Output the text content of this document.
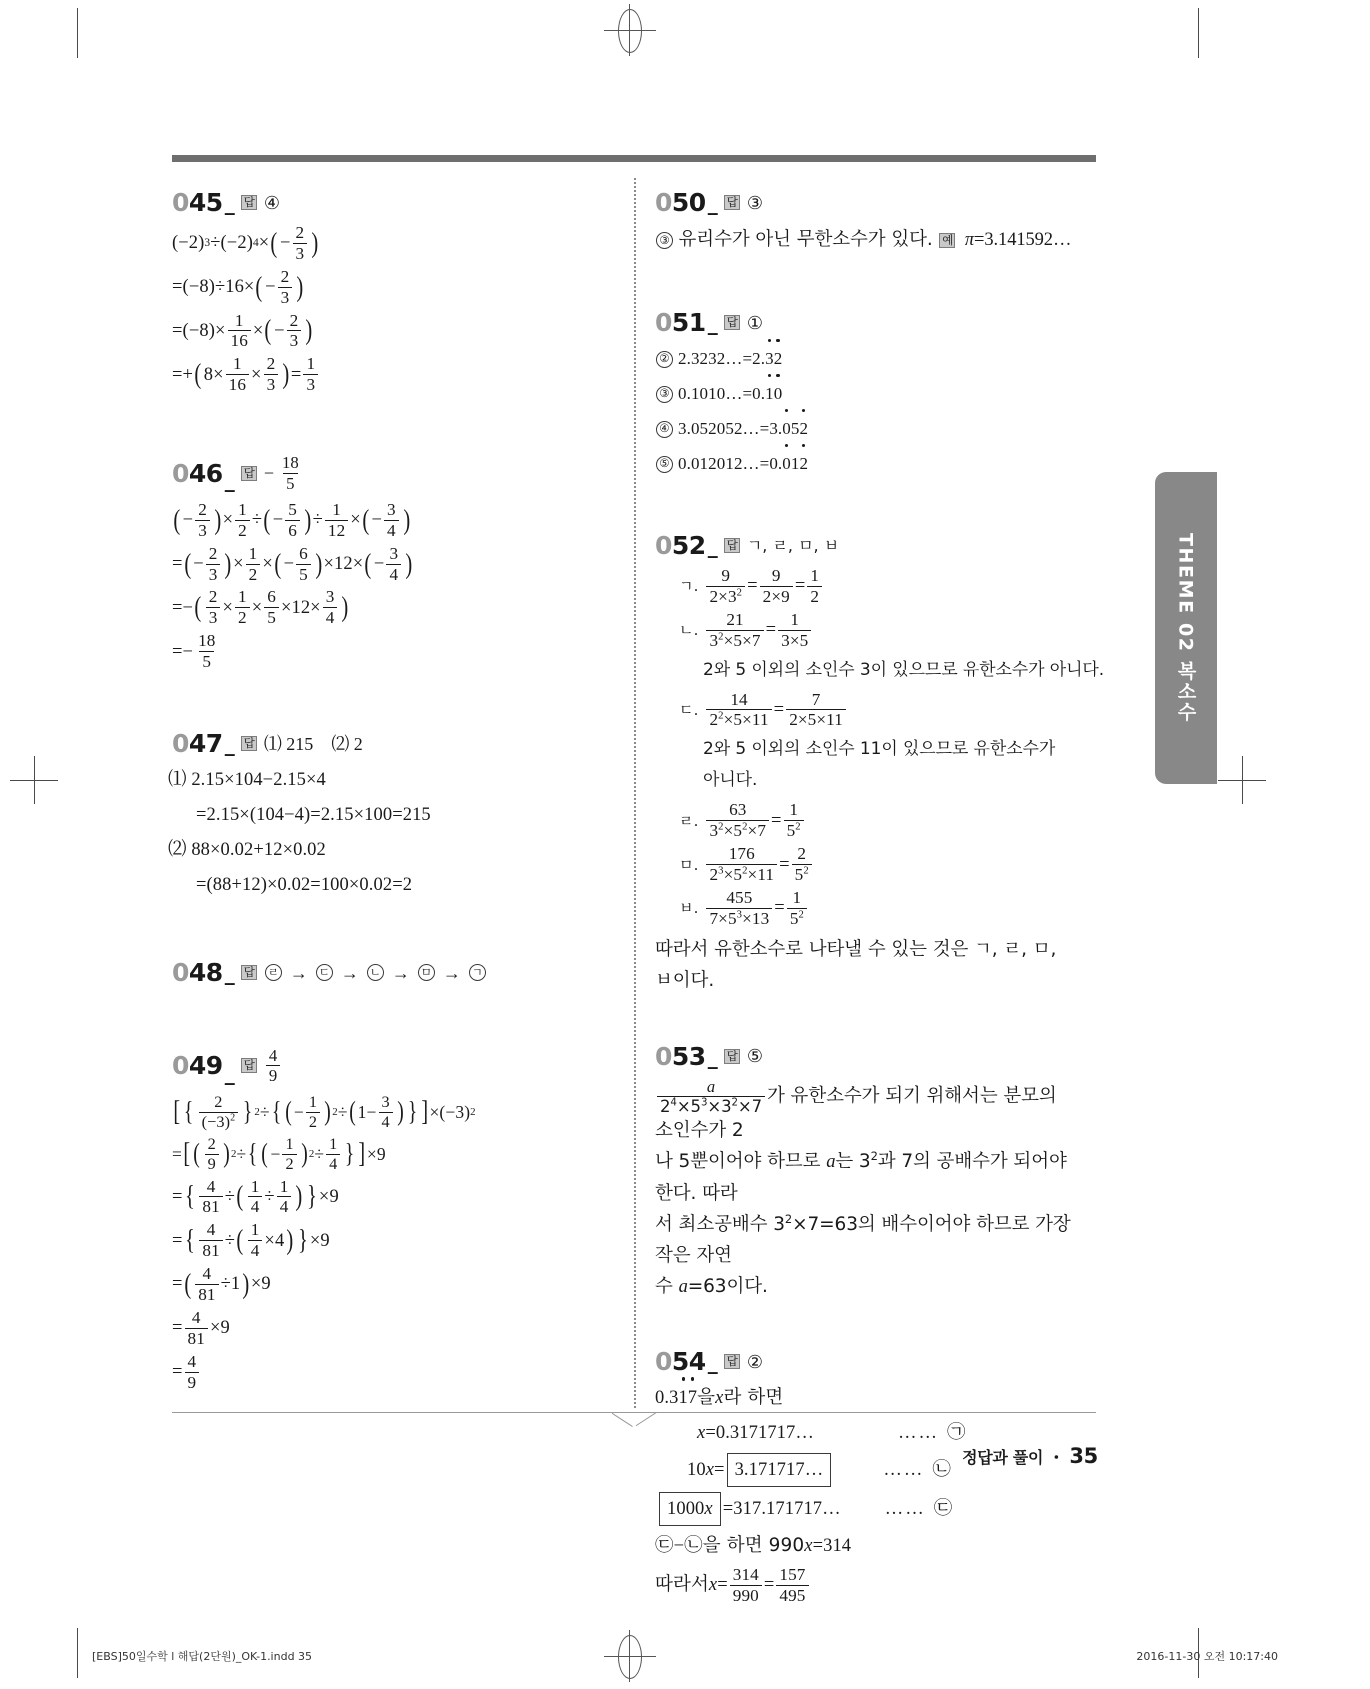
045 _ 답 ④
( −2 ) 3 ÷ ( −2 ) 4 × ( − $\frac{2}{3}$ )
= ( −8 ) ÷16× ( − $\frac{2}{3}$ )
= ( −8 ) × $\frac{1}{16}$ × ( − $\frac{2}{3}$ )
=+ ( $8\times \frac{1}{16} \times \frac{2}{3}$ ) = $\frac{1}{3}$
046 _ 답 − $\frac{18}{5}$
( − $\frac{2}{3}$ ) × $\frac{1}{2}$ ÷ ( − $\frac{5}{6}$ ) ÷ $\frac{1}{12}$ × ( − $\frac{3}{4}$ )
= ( − $\frac{2}{3}$ ) × $\frac{1}{2}$ × ( − $\frac{6}{5}$ ) ×12× ( − $\frac{3}{4}$ )
=− ( $\frac{2}{3} \times \frac{1}{2} \times \frac{6}{5} \times 12\times \frac{3}{4}$ )
=− $\frac{18}{5}$
047 _ 답 ⑴ 215 ⑵ 2
⑴ 2.15×104−2.15×4
=2.15×(104−4)=2.15×100=215
⑵ 88×0.02+12×0.02
=(88+12)×0.02=100×0.02=2
048 _ 답 ㄹ → ㄷ → ㄴ → ㅁ → ㄱ
049 _ 답 $\frac{4}{9}$
[ { $\frac{2}{(-3)^2}$ } 2 ÷ { ( − $\frac{1}{2}$ ) 2 ÷ ( $1- \frac{3}{4}$ ) } ] × ( −3 ) 2
= [ ( $\frac{2}{9}$ ) 2 ÷ { ( − $\frac{1}{2}$ ) $2 \div \frac{1}{4}$ } ] ×9
= { $\frac{4}{81}$ ÷ ( $\frac{1}{4} \div \frac{1}{4}$ ) } ×9
= { $\frac{4}{81}$ ÷ ( $\frac{1}{4} \times 4$ ) } ×9
= ( $\frac{4}{81} \div 1$ ) ×9
= $\frac{4}{81} \times 9$
= $\frac{4}{9}$
050 _ 답 ③
③ 유리수가 아닌 무한소수가 있다. 예 π=3.141592…
051 _ 답 ①
② 2.3232…=2. 3 2
③ 0.1010…=0. 1 0
④ 3.052052…=3. 0 5 2
⑤ 0.012012…=0. 0 1 2
052 _ 답 ㄱ, ㄹ, ㅁ, ㅂ
ㄱ. $\frac{9}{2\times 3^2} = \frac{9}{2\times 9} = \frac{1}{2}$
ㄴ. $\frac{21}{3^2\times 5\times 7} = \frac{1}{3\times 5}$
2와 5 이외의 소인수 3이 있으므로 유한소수가 아니다.
ㄷ. $\frac{14}{2^2\times 5\times 11} = \frac{7}{2\times 5\times 11}$
2와 5 이외의 소인수 11이 있으므로 유한소수가 아니다.
ㄹ. $\frac{63}{3^2\times 5^2\times 7} = \frac{1}{5^2}$
ㅁ. $\frac{176}{2^3\times 5^2\times 11} = \frac{2}{5^2}$
ㅂ. $\frac{455}{7\times 5^3\times 13} = \frac{1}{5^2}$
따라서 유한소수로 나타낼 수 있는 것은 ㄱ, ㄹ, ㅁ, ㅂ이다.
053 _ 답 ⑤
$\frac{a}{2^4\times 5^3\times 3^2\times 7}$ 가 유한소수가 되기 위해서는 분모의 소인수가 2
나 5뿐이어야 하므로 a는 $3^2$과 7의 공배수가 되어야 한다. 따라
서 최소공배수 $3^2\times 7=63$의 배수이어야 하므로 가장 작은 자연
수 a=63이다.
054 _ 답 ②
0.3 1 7 을 x 라 하면
x = 0.3171717…	…… ㉠
10x = 3.171717…	…… ㉡
1000x = 317.171717… …… ㉢
㉢ − ㉡ 을 하면 990 x =314
따라서 $x = \frac{314}{990} = \frac{157}{495}$
THEME 02 복소수
정답과 풀이 ・ 35
[EBS]50일수학 l 해답(2단원)_OK-1.indd 35	2016-11-30 오전 10:17:40
